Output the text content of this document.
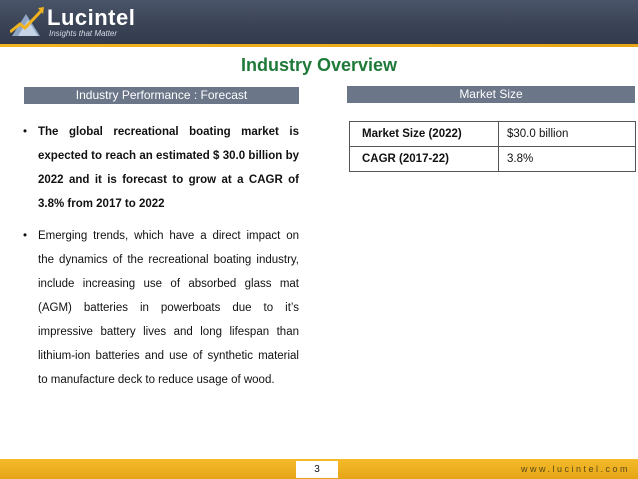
Lucintel
Insights that Matter
Industry Overview
Industry Performance : Forecast	Market Size
• The global recreational boating market is expected to reach an estimated $ 30.0 billion by 2022 and it is forecast to grow at a CAGR of 3.8% from 2017 to 2022
• Emerging trends, which have a direct impact on the dynamics of the recreational boating industry, include increasing use of absorbed glass mat (AGM) batteries in powerboats due to it’s impressive battery lives and long lifespan than lithium-ion batteries and use of synthetic material to manufacture deck to reduce usage of wood.
Market Size (2022)	$30.0 billion
CAGR (2017-22)	3.8%
3	www.lucintel.com
